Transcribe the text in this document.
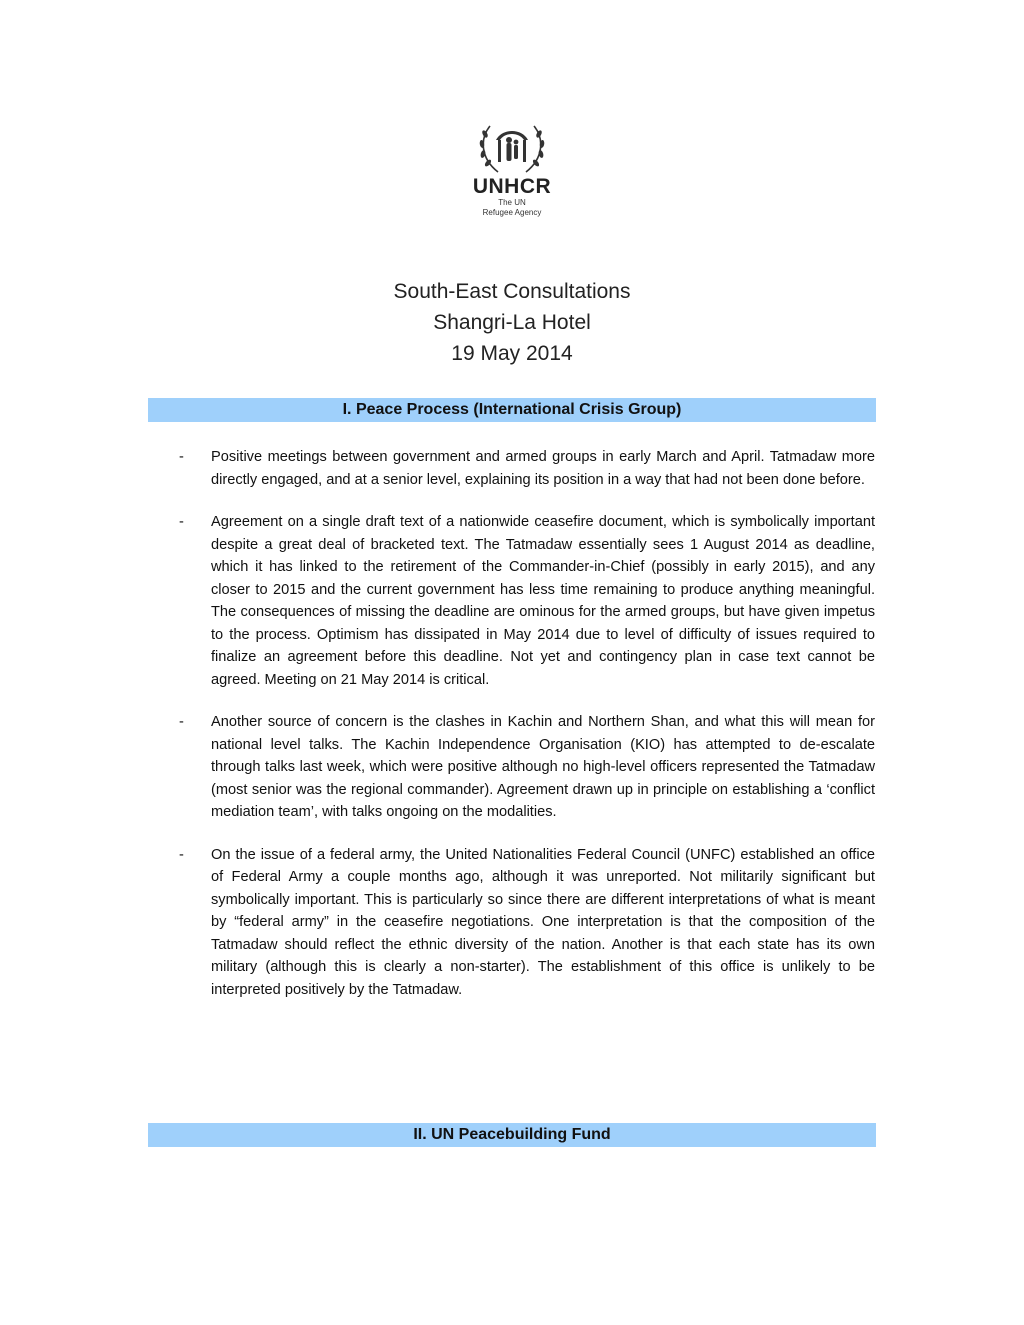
UNHCR
The UN
Refugee Agency
South-East Consultations
Shangri-La Hotel
19 May 2014
I. Peace Process (International Crisis Group)
- Positive meetings between government and armed groups in early March and April. Tatmadaw more directly engaged, and at a senior level, explaining its position in a way that had not been done before.
- Agreement on a single draft text of a nationwide ceasefire document, which is symbolically important despite a great deal of bracketed text. The Tatmadaw essentially sees 1 August 2014 as deadline, which it has linked to the retirement of the Commander-in-Chief (possibly in early 2015), and any closer to 2015 and the current government has less time remaining to produce anything meaningful. The consequences of missing the deadline are ominous for the armed groups, but have given impetus to the process. Optimism has dissipated in May 2014 due to level of difficulty of issues required to finalize an agreement before this deadline. Not yet and contingency plan in case text cannot be agreed. Meeting on 21 May 2014 is critical.
- Another source of concern is the clashes in Kachin and Northern Shan, and what this will mean for national level talks. The Kachin Independence Organisation (KIO) has attempted to de-escalate through talks last week, which were positive although no high-level officers represented the Tatmadaw (most senior was the regional commander). Agreement drawn up in principle on establishing a ‘conflict mediation team’, with talks ongoing on the modalities.
- On the issue of a federal army, the United Nationalities Federal Council (UNFC) established an office of Federal Army a couple months ago, although it was unreported. Not militarily significant but symbolically important. This is particularly so since there are different interpretations of what is meant by “federal army” in the ceasefire negotiations. One interpretation is that the composition of the Tatmadaw should reflect the ethnic diversity of the nation. Another is that each state has its own military (although this is clearly a non-starter). The establishment of this office is unlikely to be interpreted positively by the Tatmadaw.
II. UN Peacebuilding Fund
